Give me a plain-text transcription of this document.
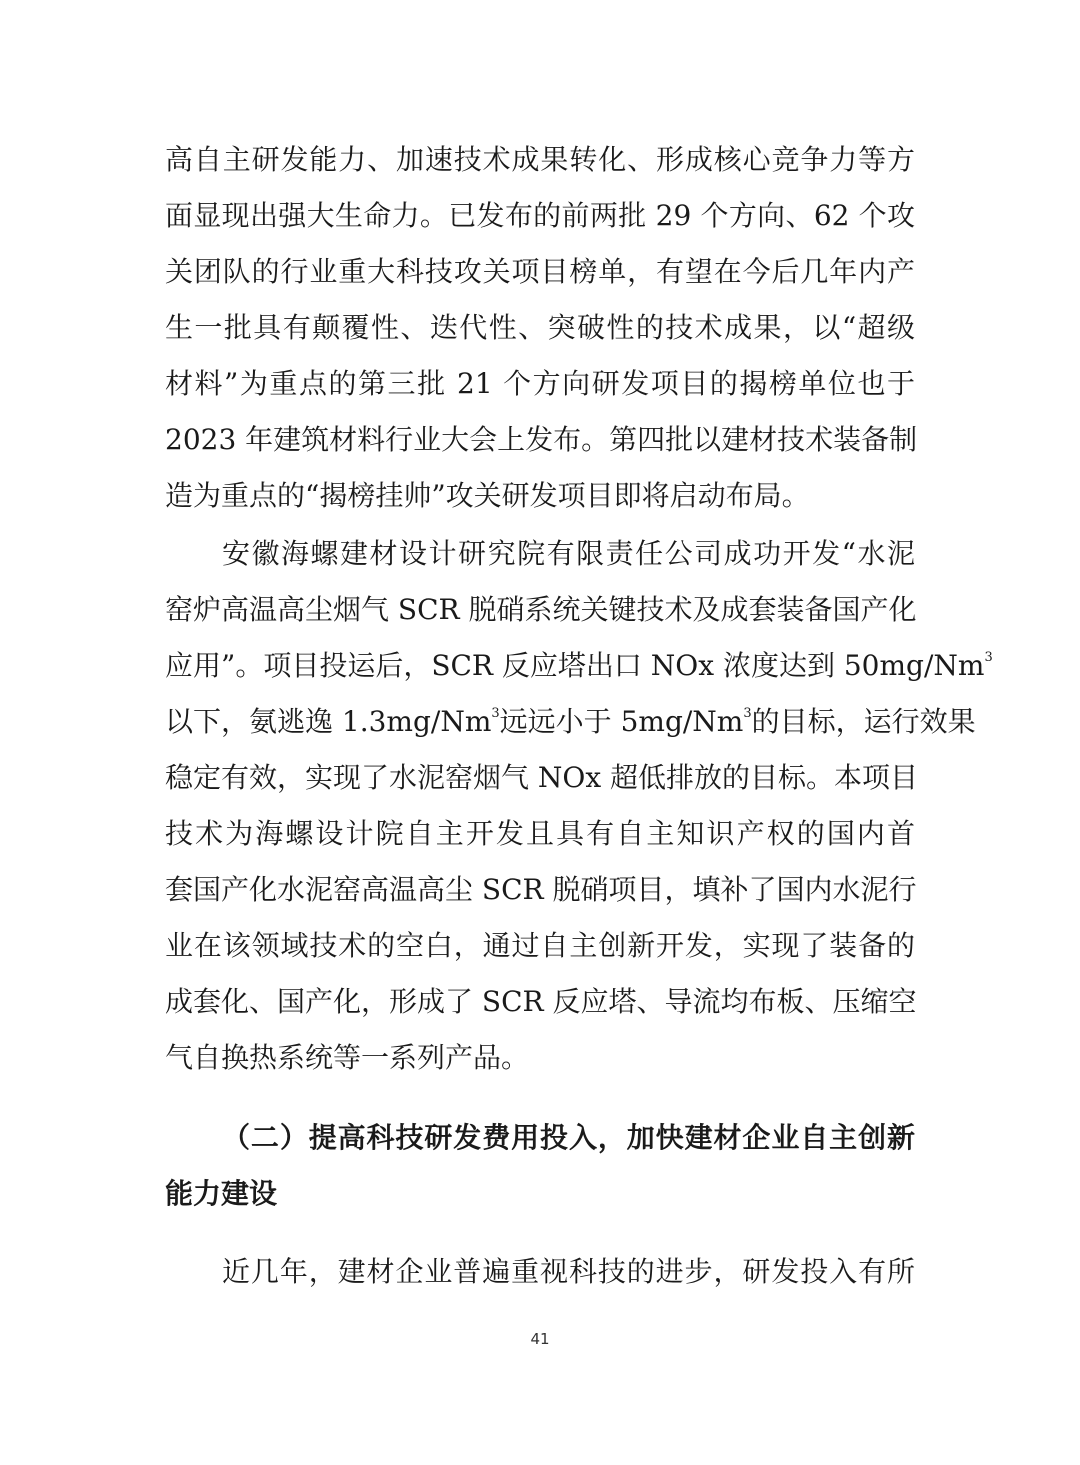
高自主研发能力、加速技术成果转化、形成核心竞争力等方
面显现出强大生命力。已发布的前两批 29 个方向、62 个攻
关团队的行业重大科技攻关项目榜单，有望在今后几年内产
生一批具有颠覆性、迭代性、突破性的技术成果，以“超级
材料”为重点的第三批 21 个方向研发项目的揭榜单位也于
2023 年建筑材料行业大会上发布。第四批以建材技术装备制
造为重点的“揭榜挂帅”攻关研发项目即将启动布局。
安徽海螺建材设计研究院有限责任公司成功开发“水泥
窑炉高温高尘烟气 SCR 脱硝系统关键技术及成套装备国产化
应用”。项目投运后，SCR 反应塔出口 NOx 浓度达到 50mg/Nm$^3$
以下，氨逃逸 1.3mg/Nm$^3$远远小于 5mg/Nm$^3$的目标，运行效果
稳定有效，实现了水泥窑烟气 NOx 超低排放的目标。本项目
技术为海螺设计院自主开发且具有自主知识产权的国内首
套国产化水泥窑高温高尘 SCR 脱硝项目，填补了国内水泥行
业在该领域技术的空白，通过自主创新开发，实现了装备的
成套化、国产化，形成了 SCR 反应塔、导流均布板、压缩空
气自换热系统等一系列产品。
（二）提高科技研发费用投入，加快建材企业自主创新
能力建设
近几年，建材企业普遍重视科技的进步，研发投入有所
41
